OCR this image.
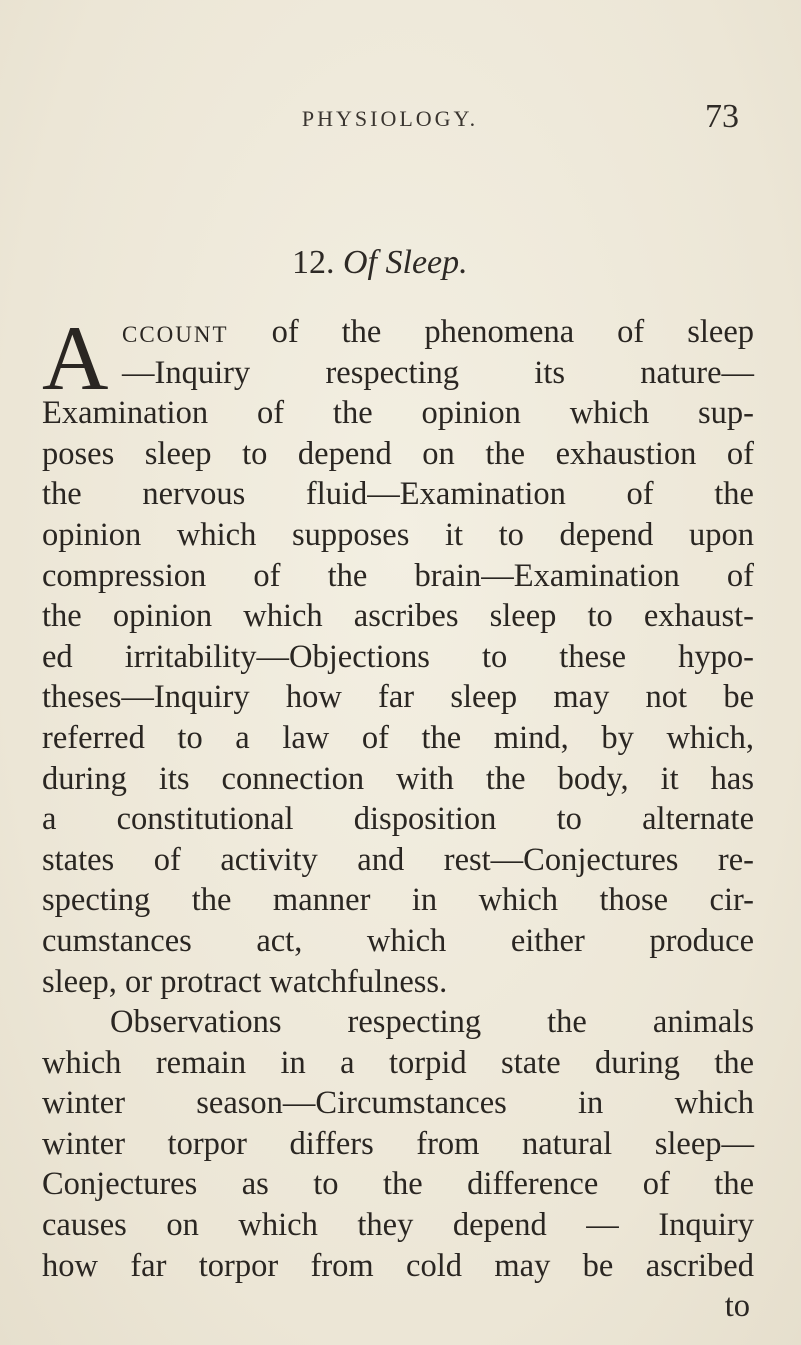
PHYSIOLOGY.	73
12. Of Sleep.
A ccount of the phenomena of sleep
—Inquiry respecting its nature—
Examination of the opinion which sup-
poses sleep to depend on the exhaustion of
the nervous fluid—Examination of the
opinion which supposes it to depend upon
compression of the brain—Examination of
the opinion which ascribes sleep to exhaust-
ed irritability—Objections to these hypo-
theses—Inquiry how far sleep may not be
referred to a law of the mind, by which,
during its connection with the body, it has
a constitutional disposition to alternate
states of activity and rest—Conjectures re-
specting the manner in which those cir-
cumstances act, which either produce
sleep, or protract watchfulness.
Observations respecting the animals
which remain in a torpid state during the
winter season—Circumstances in which
winter torpor differs from natural sleep—
Conjectures as to the difference of the
causes on which they depend — Inquiry
how far torpor from cold may be ascribed
to
